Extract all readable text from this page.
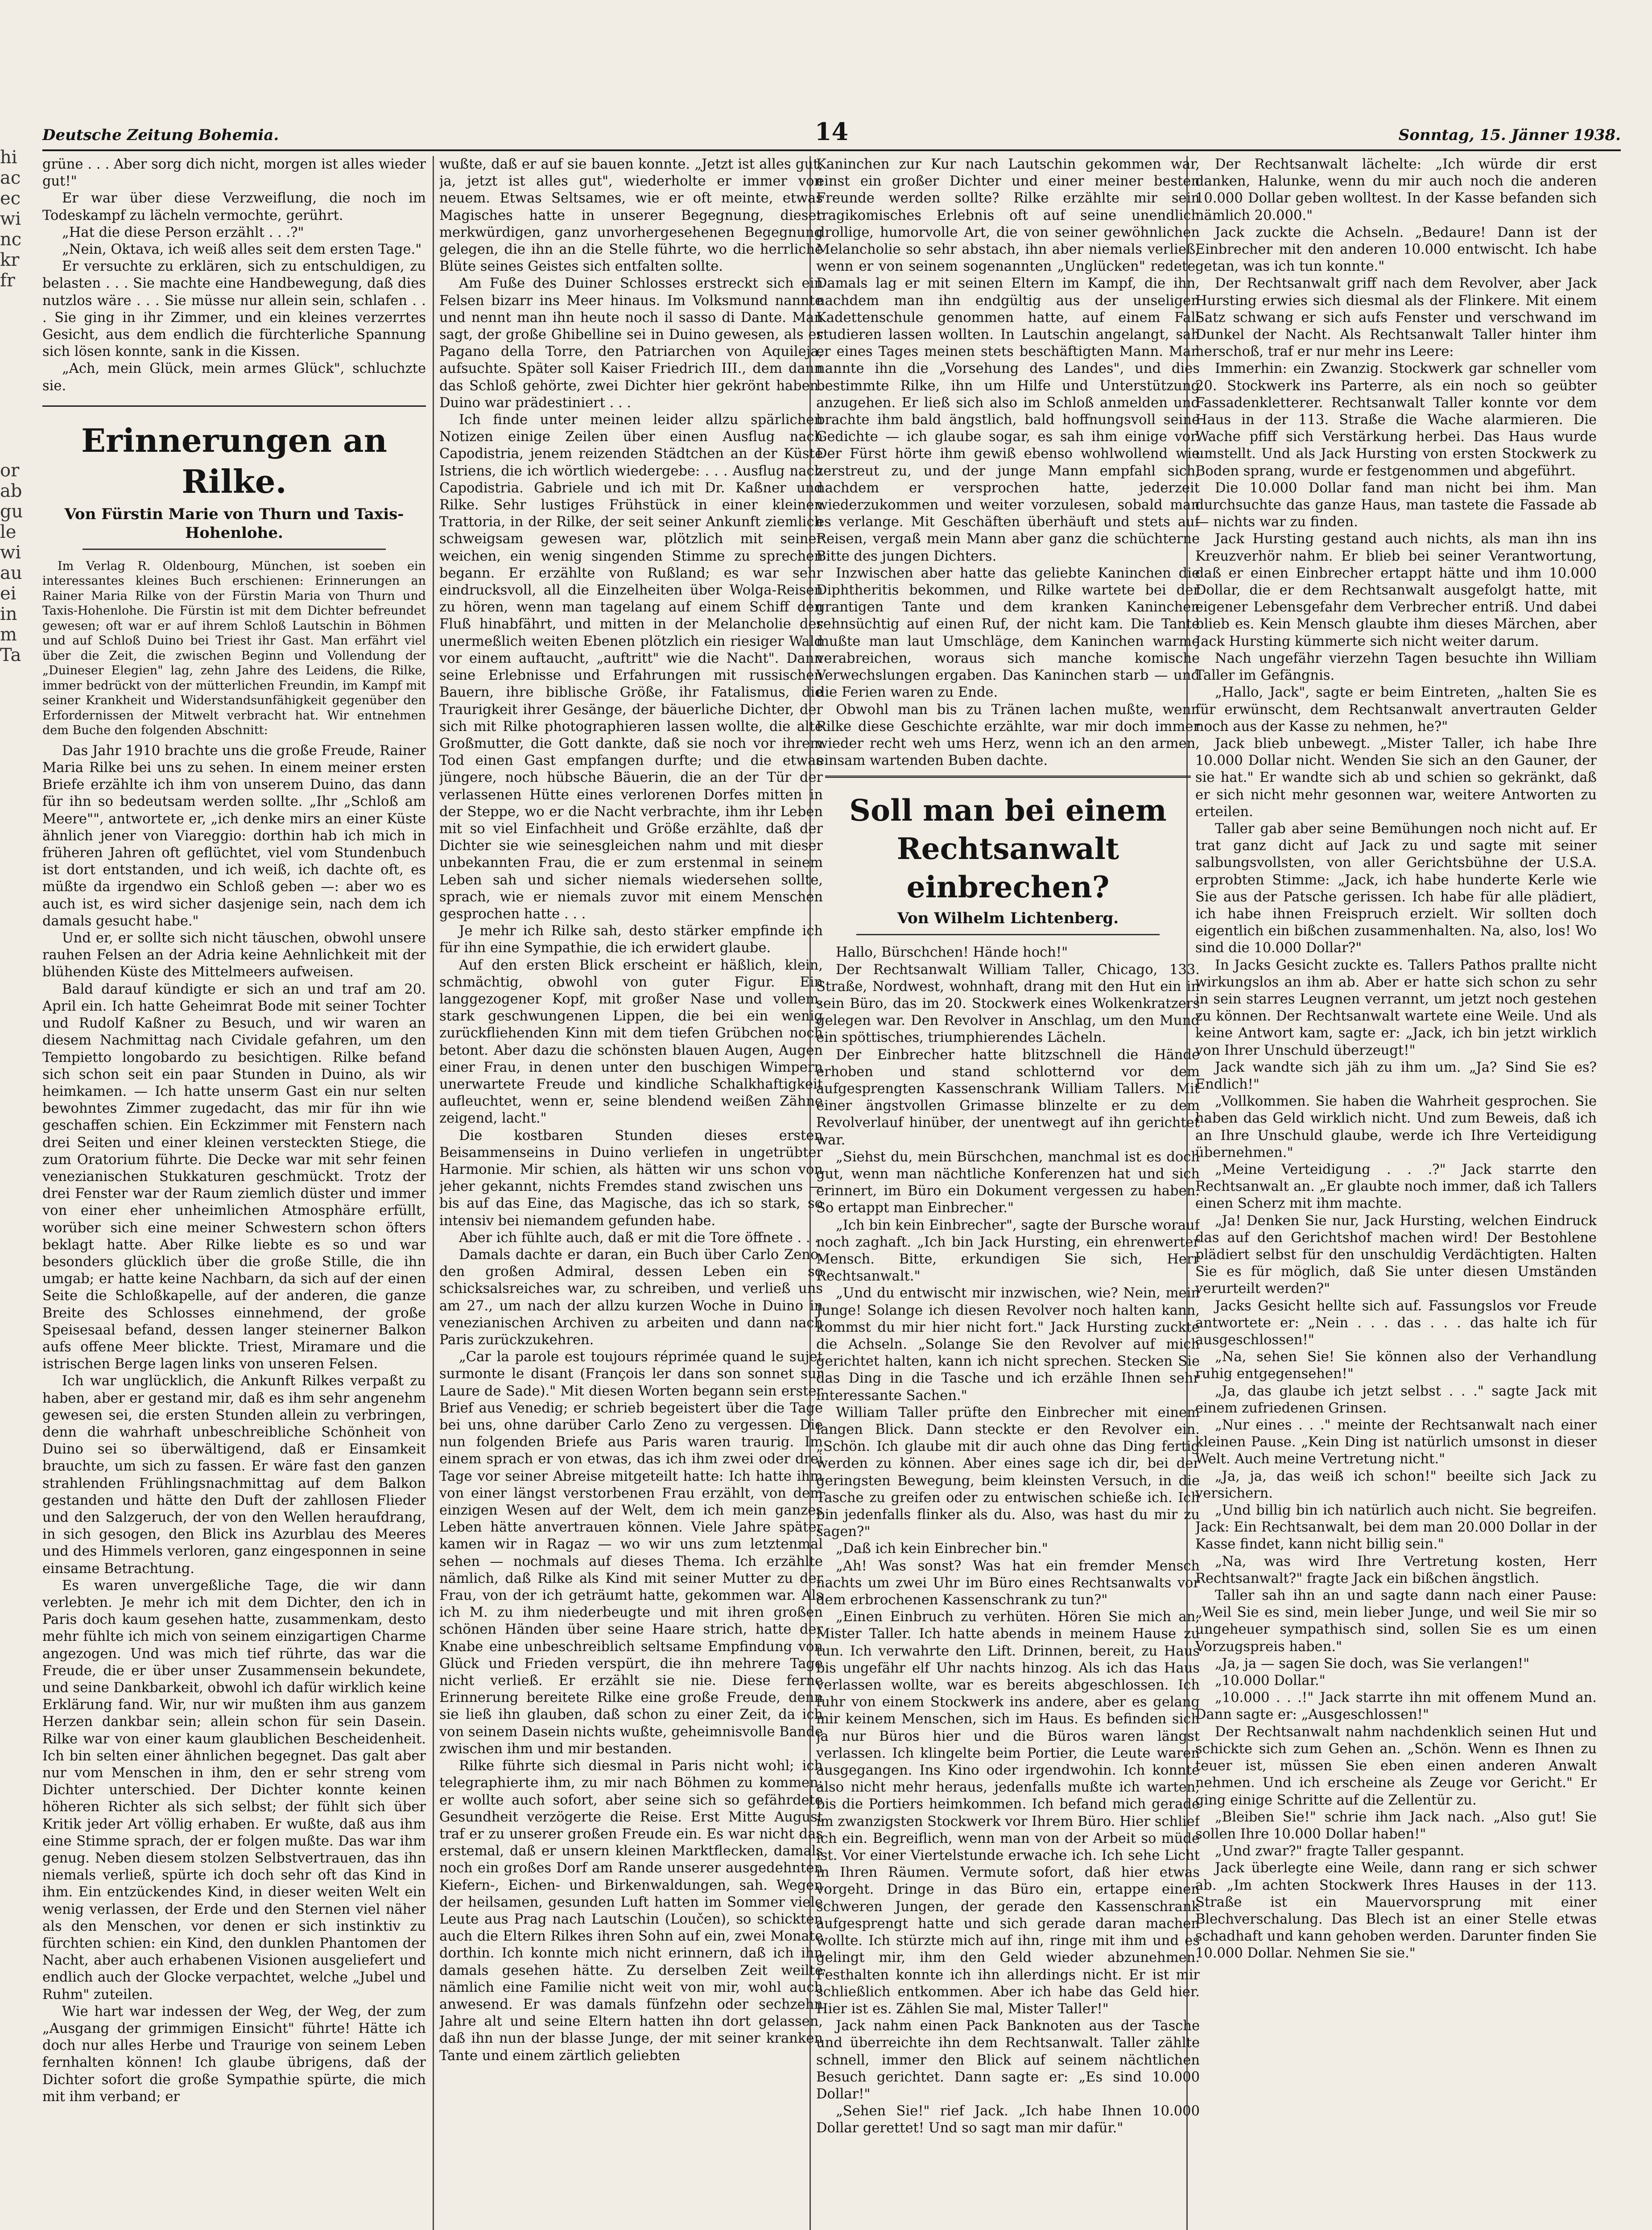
hi
ac
ec
wi
nc
kr
fr
or
ab
gu
le
wi
au
ei
in
m
Ta
Deutsche Zeitung Bohemia.	14	Sonntag, 15. Jänner 1938.

grüne . . . Aber sorg dich nicht, morgen ist alles wieder gut!"

Er war über diese Verzweiflung, die noch im Todeskampf zu lächeln vermochte, gerührt.

„Hat die diese Person erzählt . . .?"

„Nein, Oktava, ich weiß alles seit dem ersten Tage."

Er versuchte zu erklären, sich zu entschuldigen, zu belasten . . . Sie machte eine Handbewegung, daß dies nutzlos wäre . . . Sie müsse nur allein sein, schlafen . . . Sie ging in ihr Zimmer, und ein kleines verzerrtes Gesicht, aus dem endlich die fürchterliche Spannung sich lösen konnte, sank in die Kissen.

„Ach, mein Glück, mein armes Glück", schluchzte sie.

Erinnerungen an Rilke.
Von Fürstin Marie von Thurn und Taxis-Hohenlohe.

Im Verlag R. Oldenbourg, München, ist soeben ein interessantes kleines Buch erschienen: Erinnerungen an Rainer Maria Rilke von der Fürstin Maria von Thurn und Taxis-Hohenlohe. Die Fürstin ist mit dem Dichter befreundet gewesen; oft war er auf ihrem Schloß Lautschin in Böhmen und auf Schloß Duino bei Triest ihr Gast. Man erfährt viel über die Zeit, die zwischen Beginn und Vollendung der „Duineser Elegien" lag, zehn Jahre des Leidens, die Rilke, immer bedrückt von der mütterlichen Freundin, im Kampf mit seiner Krankheit und Widerstandsunfähigkeit gegenüber den Erfordernissen der Mitwelt verbracht hat. Wir entnehmen dem Buche den folgenden Abschnitt:

Das Jahr 1910 brachte uns die große Freude, Rainer Maria Rilke bei uns zu sehen. In einem meiner ersten Briefe erzählte ich ihm von unserem Duino, das dann für ihn so bedeutsam werden sollte. „Ihr „Schloß am Meere"", antwortete er, „ich denke mirs an einer Küste ähnlich jener von Viareggio: dorthin hab ich mich in früheren Jahren oft geflüchtet, viel vom Stundenbuch ist dort entstanden, und ich weiß, ich dachte oft, es müßte da irgendwo ein Schloß geben —: aber wo es auch ist, es wird sicher dasjenige sein, nach dem ich damals gesucht habe."

Und er, er sollte sich nicht täuschen, obwohl unsere rauhen Felsen an der Adria keine Aehnlichkeit mit der blühenden Küste des Mittelmeers aufweisen.

Bald darauf kündigte er sich an und traf am 20. April ein. Ich hatte Geheimrat Bode mit seiner Tochter und Rudolf Kaßner zu Besuch, und wir waren an diesem Nachmittag nach Cividale gefahren, um den Tempietto longobardo zu besichtigen. Rilke befand sich schon seit ein paar Stunden in Duino, als wir heimkamen. — Ich hatte unserm Gast ein nur selten bewohntes Zimmer zugedacht, das mir für ihn wie geschaffen schien. Ein Eckzimmer mit Fenstern nach drei Seiten und einer kleinen versteckten Stiege, die zum Oratorium führte. Die Decke war mit sehr feinen venezianischen Stukkaturen geschmückt. Trotz der drei Fenster war der Raum ziemlich düster und immer von einer eher unheimlichen Atmosphäre erfüllt, worüber sich eine meiner Schwestern schon öfters beklagt hatte. Aber Rilke liebte es so und war besonders glücklich über die große Stille, die ihn umgab; er hatte keine Nachbarn, da sich auf der einen Seite die Schloßkapelle, auf der anderen, die ganze Breite des Schlosses einnehmend, der große Speisesaal befand, dessen langer steinerner Balkon aufs offene Meer blickte. Triest, Miramare und die istrischen Berge lagen links von unseren Felsen.

Ich war unglücklich, die Ankunft Rilkes verpaßt zu haben, aber er gestand mir, daß es ihm sehr angenehm gewesen sei, die ersten Stunden allein zu verbringen, denn die wahrhaft unbeschreibliche Schönheit von Duino sei so überwältigend, daß er Einsamkeit brauchte, um sich zu fassen. Er wäre fast den ganzen strahlenden Frühlingsnachmittag auf dem Balkon gestanden und hätte den Duft der zahllosen Flieder und den Salzgeruch, der von den Wellen heraufdrang, in sich gesogen, den Blick ins Azurblau des Meeres und des Himmels verloren, ganz eingesponnen in seine einsame Betrachtung.

Es waren unvergeßliche Tage, die wir dann verlebten. Je mehr ich mit dem Dichter, den ich in Paris doch kaum gesehen hatte, zusammenkam, desto mehr fühlte ich mich von seinem einzigartigen Charme angezogen. Und was mich tief rührte, das war die Freude, die er über unser Zusammensein bekundete, und seine Dankbarkeit, obwohl ich dafür wirklich keine Erklärung fand. Wir, nur wir mußten ihm aus ganzem Herzen dankbar sein; allein schon für sein Dasein. Rilke war von einer kaum glaublichen Bescheidenheit. Ich bin selten einer ähnlichen begegnet. Das galt aber nur vom Menschen in ihm, den er sehr streng vom Dichter unterschied. Der Dichter konnte keinen höheren Richter als sich selbst; der fühlt sich über Kritik jeder Art völlig erhaben. Er wußte, daß aus ihm eine Stimme sprach, der er folgen mußte. Das war ihm genug. Neben diesem stolzen Selbstvertrauen, das ihn niemals verließ, spürte ich doch sehr oft das Kind in ihm. Ein entzückendes Kind, in dieser weiten Welt ein wenig verlassen, der Erde und den Sternen viel näher als den Menschen, vor denen er sich instinktiv zu fürchten schien: ein Kind, den dunklen Phantomen der Nacht, aber auch erhabenen Visionen ausgeliefert und endlich auch der Glocke verpachtet, welche „Jubel und Ruhm" zuteilen.

Wie hart war indessen der Weg, der Weg, der zum „Ausgang der grimmigen Einsicht" führte! Hätte ich doch nur alles Herbe und Traurige von seinem Leben fernhalten können! Ich glaube übrigens, daß der Dichter sofort die große Sympathie spürte, die mich mit ihm verband; er

wußte, daß er auf sie bauen konnte. „Jetzt ist alles gut, ja, jetzt ist alles gut", wiederholte er immer von neuem. Etwas Seltsames, wie er oft meinte, etwas Magisches hatte in unserer Begegnung, dieser merkwürdigen, ganz unvorhergesehenen Begegnung gelegen, die ihn an die Stelle führte, wo die herrliche Blüte seines Geistes sich entfalten sollte.

Am Fuße des Duiner Schlosses erstreckt sich ein Felsen bizarr ins Meer hinaus. Im Volksmund nannte und nennt man ihn heute noch il sasso di Dante. Man sagt, der große Ghibelline sei in Duino gewesen, als er Pagano della Torre, den Patriarchen von Aquileja, aufsuchte. Später soll Kaiser Friedrich III., dem dann das Schloß gehörte, zwei Dichter hier gekrönt haben. Duino war prädestiniert . . .

Ich finde unter meinen leider allzu spärlichen Notizen einige Zeilen über einen Ausflug nach Capodistria, jenem reizenden Städtchen an der Küste Istriens, die ich wörtlich wiedergebe: . . . Ausflug nach Capodistria. Gabriele und ich mit Dr. Kaßner und Rilke. Sehr lustiges Frühstück in einer kleinen Trattoria, in der Rilke, der seit seiner Ankunft ziemlich schweigsam gewesen war, plötzlich mit seiner weichen, ein wenig singenden Stimme zu sprechen begann. Er erzählte von Rußland; es war sehr eindrucksvoll, all die Einzelheiten über Wolga-Reisen zu hören, wenn man tagelang auf einem Schiff den Fluß hinabfährt, und mitten in der Melancholie der unermeßlich weiten Ebenen plötzlich ein riesiger Wald vor einem auftaucht, „auftritt" wie die Nacht". Dann seine Erlebnisse und Erfahrungen mit russischen Bauern, ihre biblische Größe, ihr Fatalismus, die Traurigkeit ihrer Gesänge, der bäuerliche Dichter, der sich mit Rilke photographieren lassen wollte, die alte Großmutter, die Gott dankte, daß sie noch vor ihrem Tod einen Gast empfangen durfte; und die etwas jüngere, noch hübsche Bäuerin, die an der Tür der verlassenen Hütte eines verlorenen Dorfes mitten in der Steppe, wo er die Nacht verbrachte, ihm ihr Leben mit so viel Einfachheit und Größe erzählte, daß der Dichter sie wie seinesgleichen nahm und mit dieser unbekannten Frau, die er zum erstenmal in seinem Leben sah und sicher niemals wiedersehen sollte, sprach, wie er niemals zuvor mit einem Menschen gesprochen hatte . . .

Je mehr ich Rilke sah, desto stärker empfinde ich für ihn eine Sympathie, die ich erwidert glaube.

Auf den ersten Blick erscheint er häßlich, klein, schmächtig, obwohl von guter Figur. Ein langgezogener Kopf, mit großer Nase und vollem, stark geschwungenen Lippen, die bei ein wenig zurückfliehenden Kinn mit dem tiefen Grübchen noch betont. Aber dazu die schönsten blauen Augen, Augen einer Frau, in denen unter den buschigen Wimpern unerwartete Freude und kindliche Schalkhaftigkeit aufleuchtet, wenn er, seine blendend weißen Zähne zeigend, lacht."

Die kostbaren Stunden dieses ersten Beisammenseins in Duino verliefen in ungetrübter Harmonie. Mir schien, als hätten wir uns schon von jeher gekannt, nichts Fremdes stand zwischen uns — bis auf das Eine, das Magische, das ich so stark, so intensiv bei niemandem gefunden habe.

Aber ich fühlte auch, daß er mit die Tore öffnete . . .

Damals dachte er daran, ein Buch über Carlo Zeno, den großen Admiral, dessen Leben ein so schicksalsreiches war, zu schreiben, und verließ uns am 27., um nach der allzu kurzen Woche in Duino in venezianischen Archiven zu arbeiten und dann nach Paris zurückzukehren.

„Car la parole est toujours réprimée quand le sujet surmonte le disant (François ler dans son sonnet sur Laure de Sade)." Mit diesen Worten begann sein erster Brief aus Venedig; er schrieb begeistert über die Tage bei uns, ohne darüber Carlo Zeno zu vergessen. Die nun folgenden Briefe aus Paris waren traurig. Im einem sprach er von etwas, das ich ihm zwei oder drei Tage vor seiner Abreise mitgeteilt hatte: Ich hatte ihm von einer längst verstorbenen Frau erzählt, von dem einzigen Wesen auf der Welt, dem ich mein ganzes Leben hätte anvertrauen können. Viele Jahre später kamen wir in Ragaz — wo wir uns zum letztenmal sehen — nochmals auf dieses Thema. Ich erzählte nämlich, daß Rilke als Kind mit seiner Mutter zu der Frau, von der ich geträumt hatte, gekommen war. Als ich M. zu ihm niederbeugte und mit ihren großen schönen Händen über seine Haare strich, hatte der Knabe eine unbeschreiblich seltsame Empfindung von Glück und Frieden verspürt, die ihn mehrere Tage nicht verließ. Er erzählt sie nie. Diese ferne Erinnerung bereitete Rilke eine große Freude, denn sie ließ ihn glauben, daß schon zu einer Zeit, da ich von seinem Dasein nichts wußte, geheimnisvolle Bande zwischen ihm und mir bestanden.

Rilke führte sich diesmal in Paris nicht wohl; ich telegraphierte ihm, zu mir nach Böhmen zu kommen: er wollte auch sofort, aber seine sich so gefährdete Gesundheit verzögerte die Reise. Erst Mitte August traf er zu unserer großen Freude ein. Es war nicht das erstemal, daß er unsern kleinen Marktflecken, damals noch ein großes Dorf am Rande unserer ausgedehnten Kiefern-, Eichen- und Birkenwaldungen, sah. Wegen der heilsamen, gesunden Luft hatten im Sommer viele Leute aus Prag nach Lautschin (Loučen), so schickten auch die Eltern Rilkes ihren Sohn auf ein, zwei Monate dorthin. Ich konnte mich nicht erinnern, daß ich ihn damals gesehen hätte. Zu derselben Zeit weilte nämlich eine Familie nicht weit von mir, wohl auch anwesend. Er was damals fünfzehn oder sechzehn Jahre alt und seine Eltern hatten ihn dort gelassen, daß ihn nun der blasse Junge, der mit seiner kranken Tante und einem zärtlich geliebten

Kaninchen zur Kur nach Lautschin gekommen war, einst ein großer Dichter und einer meiner besten Freunde werden sollte? Rilke erzählte mir sein tragikomisches Erlebnis oft auf seine unendlich drollige, humorvolle Art, die von seiner gewöhnlichen Melancholie so sehr abstach, ihn aber niemals verließ, wenn er von seinem sogenannten „Unglücken" redete. Damals lag er mit seinen Eltern im Kampf, die ihn, nachdem man ihn endgültig aus der unseligen Kadettenschule genommen hatte, auf einem Fall studieren lassen wollten. In Lautschin angelangt, sah er eines Tages meinen stets beschäftigten Mann. Man nannte ihn die „Vorsehung des Landes", und dies bestimmte Rilke, ihn um Hilfe und Unterstützung anzugehen. Er ließ sich also im Schloß anmelden und brachte ihm bald ängstlich, bald hoffnungsvoll seine Gedichte — ich glaube sogar, es sah ihm einige vor. Der Fürst hörte ihm gewiß ebenso wohlwollend wie zerstreut zu, und der junge Mann empfahl sich, nachdem er versprochen hatte, jederzeit wiederzukommen und weiter vorzulesen, sobald man es verlange. Mit Geschäften überhäuft und stets auf Reisen, vergaß mein Mann aber ganz die schüchterne Bitte des jungen Dichters.

Inzwischen aber hatte das geliebte Kaninchen die Diphtheritis bekommen, und Rilke wartete bei der grantigen Tante und dem kranken Kaninchen sehnsüchtig auf einen Ruf, der nicht kam. Die Tante mußte man laut Umschläge, dem Kaninchen warme verabreichen, woraus sich manche komische Verwechslungen ergaben. Das Kaninchen starb — und die Ferien waren zu Ende.

Obwohl man bis zu Tränen lachen mußte, wenn Rilke diese Geschichte erzählte, war mir doch immer wieder recht weh ums Herz, wenn ich an den armen, einsam wartenden Buben dachte.

Soll man bei einem Rechtsanwalt einbrechen?
Von Wilhelm Lichtenberg.

Hallo, Bürschchen! Hände hoch!"

Der Rechtsanwalt William Taller, Chicago, 133. Straße, Nordwest, wohnhaft, drang mit den Hut ein in sein Büro, das im 20. Stockwerk eines Wolkenkratzers gelegen war. Den Revolver in Anschlag, um den Mund ein spöttisches, triumphierendes Lächeln.

Der Einbrecher hatte blitzschnell die Hände erhoben und stand schlotternd vor dem aufgesprengten Kassenschrank William Tallers. Mit einer ängstvollen Grimasse blinzelte er zu dem Revolverlauf hinüber, der unentwegt auf ihn gerichtet war.

„Siehst du, mein Bürschchen, manchmal ist es doch gut, wenn man nächtliche Konferenzen hat und sich erinnert, im Büro ein Dokument vergessen zu haben. So ertappt man Einbrecher."

„Ich bin kein Einbrecher", sagte der Bursche worauf noch zaghaft. „Ich bin Jack Hursting, ein ehrenwerter Mensch. Bitte, erkundigen Sie sich, Herr Rechtsanwalt."

„Und du entwischt mir inzwischen, wie? Nein, mein Junge! Solange ich diesen Revolver noch halten kann, kommst du mir hier nicht fort." Jack Hursting zuckte die Achseln. „Solange Sie den Revolver auf mich gerichtet halten, kann ich nicht sprechen. Stecken Sie das Ding in die Tasche und ich erzähle Ihnen sehr interessante Sachen."

William Taller prüfte den Einbrecher mit einem langen Blick. Dann steckte er den Revolver ein. „Schön. Ich glaube mit dir auch ohne das Ding fertig werden zu können. Aber eines sage ich dir, bei der geringsten Bewegung, beim kleinsten Versuch, in die Tasche zu greifen oder zu entwischen schieße ich. Ich bin jedenfalls flinker als du. Also, was hast du mir zu sagen?"

„Daß ich kein Einbrecher bin."

„Ah! Was sonst? Was hat ein fremder Mensch nachts um zwei Uhr im Büro eines Rechtsanwalts vor dem erbrochenen Kassenschrank zu tun?"

„Einen Einbruch zu verhüten. Hören Sie mich an, Mister Taller. Ich hatte abends in meinem Hause zu tun. Ich verwahrte den Lift. Drinnen, bereit, zu Haus bis ungefähr elf Uhr nachts hinzog. Als ich das Haus verlassen wollte, war es bereits abgeschlossen. Ich fuhr von einem Stockwerk ins andere, aber es gelang mir keinem Menschen, sich im Haus. Es befinden sich ja nur Büros hier und die Büros waren längst verlassen. Ich klingelte beim Portier, die Leute waren ausgegangen. Ins Kino oder irgendwohin. Ich konnte also nicht mehr heraus, jedenfalls mußte ich warten, bis die Portiers heimkommen. Ich befand mich gerade im zwanzigsten Stockwerk vor Ihrem Büro. Hier schlief ich ein. Begreiflich, wenn man von der Arbeit so müde ist. Vor einer Viertelstunde erwache ich. Ich sehe Licht in Ihren Räumen. Vermute sofort, daß hier etwas vorgeht. Dringe in das Büro ein, ertappe einen schweren Jungen, der gerade den Kassenschrank aufgesprengt hatte und sich gerade daran machen wollte. Ich stürzte mich auf ihn, ringe mit ihm und es gelingt mir, ihm den Geld wieder abzunehmen. Festhalten konnte ich ihn allerdings nicht. Er ist mir schließlich entkommen. Aber ich habe das Geld hier. Hier ist es. Zählen Sie mal, Mister Taller!"

Jack nahm einen Pack Banknoten aus der Tasche und überreichte ihn dem Rechtsanwalt. Taller zählte schnell, immer den Blick auf seinem nächtlichen Besuch gerichtet. Dann sagte er: „Es sind 10.000 Dollar!"

„Sehen Sie!" rief Jack. „Ich habe Ihnen 10.000 Dollar gerettet! Und so sagt man mir dafür."

Der Rechtsanwalt lächelte: „Ich würde dir erst danken, Halunke, wenn du mir auch noch die anderen 10.000 Dollar geben wolltest. In der Kasse befanden sich nämlich 20.000."

Jack zuckte die Achseln. „Bedaure! Dann ist der Einbrecher mit den anderen 10.000 entwischt. Ich habe getan, was ich tun konnte."

Der Rechtsanwalt griff nach dem Revolver, aber Jack Hursting erwies sich diesmal als der Flinkere. Mit einem Satz schwang er sich aufs Fenster und verschwand im Dunkel der Nacht. Als Rechtsanwalt Taller hinter ihm herschoß, traf er nur mehr ins Leere:

Immerhin: ein Zwanzig. Stockwerk gar schneller vom 20. Stockwerk ins Parterre, als ein noch so geübter Fassadenkletterer. Rechtsanwalt Taller konnte vor dem Haus in der 113. Straße die Wache alarmieren. Die Wache pfiff sich Verstärkung herbei. Das Haus wurde umstellt. Und als Jack Hursting von ersten Stockwerk zu Boden sprang, wurde er festgenommen und abgeführt.

Die 10.000 Dollar fand man nicht bei ihm. Man durchsuchte das ganze Haus, man tastete die Fassade ab — nichts war zu finden.

Jack Hursting gestand auch nichts, als man ihn ins Kreuzverhör nahm. Er blieb bei seiner Verantwortung, daß er einen Einbrecher ertappt hätte und ihm 10.000 Dollar, die er dem Rechtsanwalt ausgefolgt hatte, mit eigener Lebensgefahr dem Verbrecher entriß. Und dabei blieb es. Kein Mensch glaubte ihm dieses Märchen, aber Jack Hursting kümmerte sich nicht weiter darum.

Nach ungefähr vierzehn Tagen besuchte ihn William Taller im Gefängnis.

„Hallo, Jack", sagte er beim Eintreten, „halten Sie es für erwünscht, dem Rechtsanwalt anvertrauten Gelder noch aus der Kasse zu nehmen, he?"

Jack blieb unbewegt. „Mister Taller, ich habe Ihre 10.000 Dollar nicht. Wenden Sie sich an den Gauner, der sie hat." Er wandte sich ab und schien so gekränkt, daß er sich nicht mehr gesonnen war, weitere Antworten zu erteilen.

Taller gab aber seine Bemühungen noch nicht auf. Er trat ganz dicht auf Jack zu und sagte mit seiner salbungsvollsten, von aller Gerichtsbühne der U.S.A. erprobten Stimme: „Jack, ich habe hunderte Kerle wie Sie aus der Patsche gerissen. Ich habe für alle plädiert, ich habe ihnen Freispruch erzielt. Wir sollten doch eigentlich ein bißchen zusammenhalten. Na, also, los! Wo sind die 10.000 Dollar?"

In Jacks Gesicht zuckte es. Tallers Pathos prallte nicht wirkungslos an ihm ab. Aber er hatte sich schon zu sehr in sein starres Leugnen verrannt, um jetzt noch gestehen zu können. Der Rechtsanwalt wartete eine Weile. Und als keine Antwort kam, sagte er: „Jack, ich bin jetzt wirklich von Ihrer Unschuld überzeugt!"

Jack wandte sich jäh zu ihm um. „Ja? Sind Sie es? Endlich!"

„Vollkommen. Sie haben die Wahrheit gesprochen. Sie haben das Geld wirklich nicht. Und zum Beweis, daß ich an Ihre Unschuld glaube, werde ich Ihre Verteidigung übernehmen."

„Meine Verteidigung . . .?" Jack starrte den Rechtsanwalt an. „Er glaubte noch immer, daß ich Tallers einen Scherz mit ihm machte.

„Ja! Denken Sie nur, Jack Hursting, welchen Eindruck das auf den Gerichtshof machen wird! Der Bestohlene plädiert selbst für den unschuldig Verdächtigten. Halten Sie es für möglich, daß Sie unter diesen Umständen verurteilt werden?"

Jacks Gesicht hellte sich auf. Fassungslos vor Freude antwortete er: „Nein . . . das . . . das halte ich für ausgeschlossen!"

„Na, sehen Sie! Sie können also der Verhandlung ruhig entgegensehen!"

„Ja, das glaube ich jetzt selbst . . ." sagte Jack mit einem zufriedenen Grinsen.

„Nur eines . . ." meinte der Rechtsanwalt nach einer kleinen Pause. „Kein Ding ist natürlich umsonst in dieser Welt. Auch meine Vertretung nicht."

„Ja, ja, das weiß ich schon!" beeilte sich Jack zu versichern.

„Und billig bin ich natürlich auch nicht. Sie begreifen. Jack: Ein Rechtsanwalt, bei dem man 20.000 Dollar in der Kasse findet, kann nicht billig sein."

„Na, was wird Ihre Vertretung kosten, Herr Rechtsanwalt?" fragte Jack ein bißchen ängstlich.

Taller sah ihn an und sagte dann nach einer Pause: „Weil Sie es sind, mein lieber Junge, und weil Sie mir so ungeheuer sympathisch sind, sollen Sie es um einen Vorzugspreis haben."

„Ja, ja — sagen Sie doch, was Sie verlangen!"

„10.000 Dollar."

„10.000 . . .!" Jack starrte ihn mit offenem Mund an. Dann sagte er: „Ausgeschlossen!"

Der Rechtsanwalt nahm nachdenklich seinen Hut und schickte sich zum Gehen an. „Schön. Wenn es Ihnen zu teuer ist, müssen Sie eben einen anderen Anwalt nehmen. Und ich erscheine als Zeuge vor Gericht." Er ging einige Schritte auf die Zellentür zu.

„Bleiben Sie!" schrie ihm Jack nach. „Also gut! Sie sollen Ihre 10.000 Dollar haben!"

„Und zwar?" fragte Taller gespannt.

Jack überlegte eine Weile, dann rang er sich schwer ab. „Im achten Stockwerk Ihres Hauses in der 113. Straße ist ein Mauervorsprung mit einer Blechverschalung. Das Blech ist an einer Stelle etwas schadhaft und kann gehoben werden. Darunter finden Sie 10.000 Dollar. Nehmen Sie sie."
